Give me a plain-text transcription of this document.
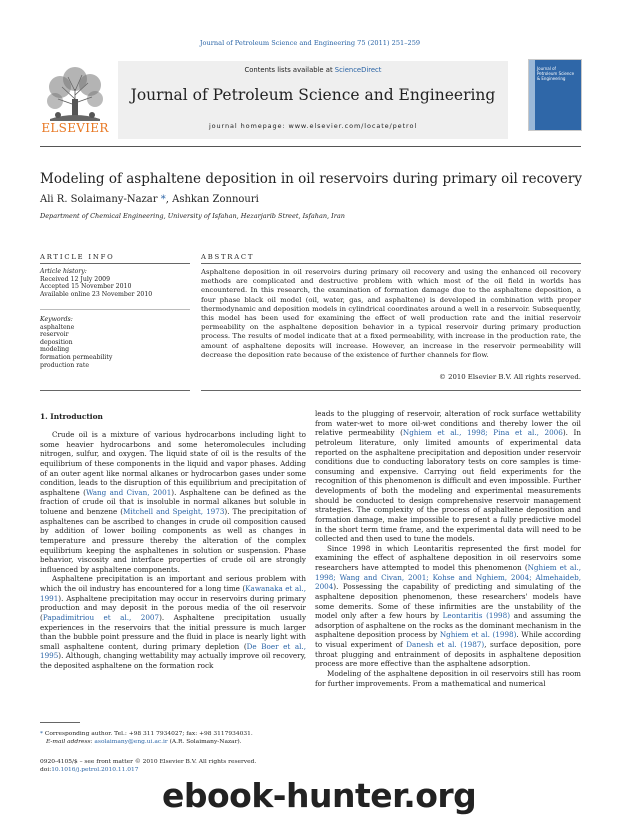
Journal of Petroleum Science and Engineering 75 (2011) 251–259
Contents lists available at ScienceDirect
Journal of Petroleum Science and Engineering
journal homepage: www.elsevier.com/locate/petrol
ELSEVIER
Journal of Petroleum Science & Engineering
Modeling of asphaltene deposition in oil reservoirs during primary oil recovery
Ali R. Solaimany-Nazar *, Ashkan Zonnouri
Department of Chemical Engineering, University of Isfahan, Hezarjarib Street, Isfahan, Iran
ARTICLE INFO
Article history:
Received 12 July 2009
Accepted 15 November 2010
Available online 23 November 2010
Keywords:
asphaltene
reservoir
deposition
modeling
formation permeability
production rate
ABSTRACT
Asphaltene deposition in oil reservoirs during primary oil recovery and using the enhanced oil recovery methods are complicated and destructive problem with which most of the oil field in worlds has encountered. In this research, the examination of formation damage due to the asphaltene deposition, a four phase black oil model (oil, water, gas, and asphaltene) is developed in combination with proper thermodynamic and deposition models in cylindrical coordinates around a well in a reservoir. Subsequently, this model has been used for examining the effect of well production rate and the initial reservoir permeability on the asphaltene deposition behavior in a typical reservoir during primary production process. The results of model indicate that at a fixed permeability, with increase in the production rate, the amount of asphaltene deposits will increase. However, an increase in the reservoir permeability will decrease the deposition rate because of the existence of further channels for flow.
© 2010 Elsevier B.V. All rights reserved.
1. Introduction

Crude oil is a mixture of various hydrocarbons including light to some heavier hydrocarbons and some heteromolecules including nitrogen, sulfur, and oxygen. The liquid state of oil is the results of the equilibrium of these components in the liquid and vapor phases. Adding of an outer agent like normal alkanes or hydrocarbon gases under some condition, leads to the disruption of this equilibrium and precipitation of asphaltene (Wang and Civan, 2001). Asphaltene can be defined as the fraction of crude oil that is insoluble in normal alkanes but soluble in toluene and benzene (Mitchell and Speight, 1973). The precipitation of asphaltenes can be ascribed to changes in crude oil composition caused by addition of lower boiling components as well as changes in temperature and pressure thereby the alteration of the complex equilibrium keeping the asphaltenes in solution or suspension. Phase behavior, viscosity and interface properties of crude oil are strongly influenced by asphaltene components.

Asphaltene precipitation is an important and serious problem with which the oil industry has encountered for a long time (Kawanaka et al., 1991). Asphaltene precipitation may occur in reservoirs during primary production and may deposit in the porous media of the oil reservoir (Papadimitriou et al., 2007). Asphaltene precipitation usually experiences in the reservoirs that the initial pressure is much larger than the bubble point pressure and the fluid in place is nearly light with small asphaltene content, during primary depletion (De Boer et al., 1995). Although, changing wettability may actually improve oil recovery, the deposited asphaltene on the formation rock

leads to the plugging of reservoir, alteration of rock surface wettability from water-wet to more oil-wet conditions and thereby lower the oil relative permeability (Nghiem et al., 1998; Pina et al., 2006). In petroleum literature, only limited amounts of experimental data reported on the asphaltene precipitation and deposition under reservoir conditions due to conducting laboratory tests on core samples is time-consuming and expensive. Carrying out field experiments for the recognition of this phenomenon is difficult and even impossible. Further developments of both the modeling and experimental measurements should be conducted to design comprehensive reservoir management strategies. The complexity of the process of asphaltene deposition and formation damage, make impossible to present a fully predictive model in the short term time frame, and the experimental data will need to be collected and then used to tune the models.

Since 1998 in which Leontaritis represented the first model for examining the effect of asphaltene deposition in oil reservoirs some researchers have attempted to model this phenomenon (Nghiem et al., 1998; Wang and Civan, 2001; Kohse and Nghiem, 2004; Almehaideb, 2004). Possessing the capability of predicting and simulating of the asphaltene deposition phenomenon, these researchers' models have some demerits. Some of these infirmities are the unstability of the model only after a few hours by Leontaritis (1998) and assuming the adsorption of asphaltene on the rocks as the dominant mechanism in the asphaltene deposition process by Nghiem et al. (1998). While according to visual experiment of Danesh et al. (1987), surface deposition, pore throat plugging and entrainment of deposits in asphaltene deposition process are more effective than the asphaltene adsorption.

Modeling of the asphaltene deposition in oil reservoirs still has room for further improvements. From a mathematical and numerical

* Corresponding author. Tel.: +98 311 7934027; fax: +98 3117934031.
E-mail address: asolaimany@eng.ui.ac.ir (A.R. Solaimany-Nazar).
0920-4105/$ – see front matter © 2010 Elsevier B.V. All rights reserved.
doi:10.1016/j.petrol.2010.11.017
ebook-hunter.org
